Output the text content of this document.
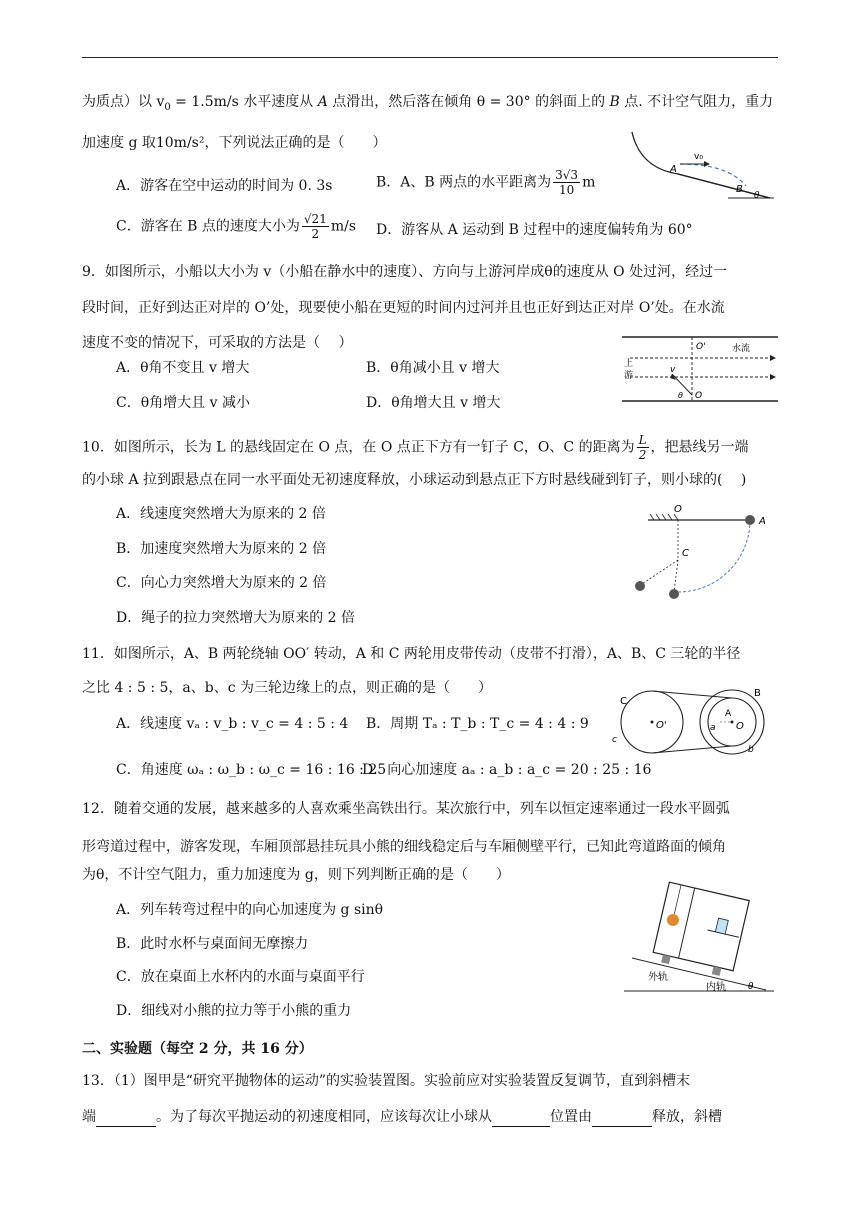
为质点）以 $v_0 = 1.5m/s$ 水平速度从 A 点滑出，然后落在倾角 θ = 30° 的斜面上的 B 点. 不计空气阻力，重力
加速度 g 取10m/s²，下列说法正确的是（　　）
A．游客在空中运动的时间为 0. 3s	B．A、B 两点的水平距离为 $\frac{3√3}{10}$ m
C．游客在 B 点的速度大小为 $\frac{√21}{2} m/s$ D．游客从 A 运动到 B 过程中的速度偏转角为 60°
v₀
A
B
θ
9．如图所示，小船以大小为 v（小船在静水中的速度）、方向与上游河岸成θ的速度从 O 处过河，经过一
段时间，正好到达正对岸的 O’处，现要使小船在更短的时间内过河并且也正好到达正对岸 O’处。在水流
速度不变的情况下，可采取的方法是（　 ）
A．θ角不变且 v 增大	B．θ角减小且 v 增大
C．θ角增大且 v 减小	D．θ角增大且 v 增大
O'	水流
上
游
v
θ O
10．如图所示，长为 L 的悬线固定在 O 点，在 O 点正下方有一钉子 C，O、C 的距离为 $\frac{L}{2}$ ，把悬线另一端
的小球 A 拉到跟悬点在同一水平面处无初速度释放，小球运动到悬点正下方时悬线碰到钉子，则小球的(　 )
A．线速度突然增大为原来的 2 倍
B．加速度突然增大为原来的 2 倍
C．向心力突然增大为原来的 2 倍
D．绳子的拉力突然增大为原来的 2 倍
O
A
C
11．如图所示，A、B 两轮绕轴 OO′ 转动，A 和 C 两轮用皮带传动（皮带不打滑），A、B、C 三轮的半径
之比 4 : 5 : 5，a、b、c 为三轮边缘上的点，则正确的是（　　）
A．线速度 vₐ : v_b : v_c = 4 : 5 : 4 B．周期 Tₐ : T_b : T_c = 4 : 4 : 9
C．角速度 ωₐ : ω_b : ω_c = 16 : 16 : 25
D．向心加速度 aₐ : a_b : a_c = 20 : 25 : 16
C
O'
A
B
O
a
b
c
12．随着交通的发展，越来越多的人喜欢乘坐高铁出行。某次旅行中，列车以恒定速率通过一段水平圆弧
形弯道过程中，游客发现，车厢顶部悬挂玩具小熊的细线稳定后与车厢侧壁平行，已知此弯道路面的倾角
为θ，不计空气阻力，重力加速度为 g，则下列判断正确的是（　　）
A．列车转弯过程中的向心加速度为 g sinθ
B．此时水杯与桌面间无摩擦力
C．放在桌面上水杯内的水面与桌面平行
D．细线对小熊的拉力等于小熊的重力
外轨
内轨 θ
二、实验题（每空 2 分，共 16 分）
13．（1）图甲是“研究平抛物体的运动”的实验装置图。实验前应对实验装置反复调节，直到斜槽末
端	。为了每次平抛运动的初速度相同，应该每次让小球从	位置由	释放，斜槽
